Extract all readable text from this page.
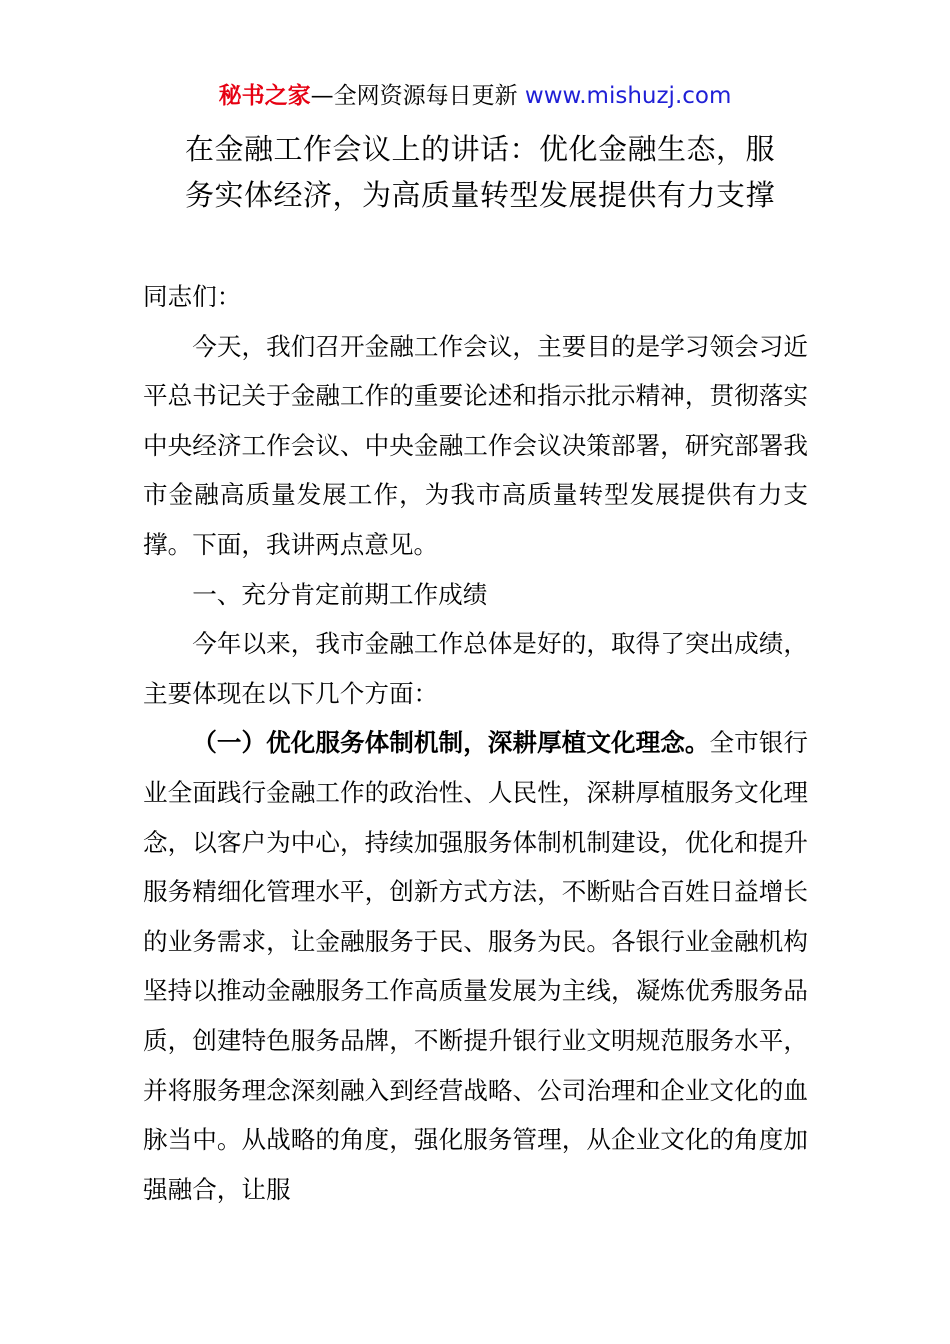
秘书之家—全网资源每日更新 www.mishuzj.com

在金融工作会议上的讲话：优化金融生态，服

务实体经济，为高质量转型发展提供有力支撑

同志们：

今天，我们召开金融工作会议，主要目的是学习领会习近平总书记关于金融工作的重要论述和指示批示精神，贯彻落实中央经济工作会议、中央金融工作会议决策部署，研究部署我市金融高质量发展工作，为我市高质量转型发展提供有力支撑。下面，我讲两点意见。

一、充分肯定前期工作成绩

今年以来，我市金融工作总体是好的，取得了突出成绩，主要体现在以下几个方面：

（一）优化服务体制机制，深耕厚植文化理念。全市银行业全面践行金融工作的政治性、人民性，深耕厚植服务文化理念，以客户为中心，持续加强服务体制机制建设，优化和提升服务精细化管理水平，创新方式方法，不断贴合百姓日益增长的业务需求，让金融服务于民、服务为民。各银行业金融机构坚持以推动金融服务工作高质量发展为主线，凝炼优秀服务品质，创建特色服务品牌，不断提升银行业文明规范服务水平，并将服务理念深刻融入到经营战略、公司治理和企业文化的血脉当中。从战略的角度，强化服务管理，从企业文化的角度加强融合，让服
